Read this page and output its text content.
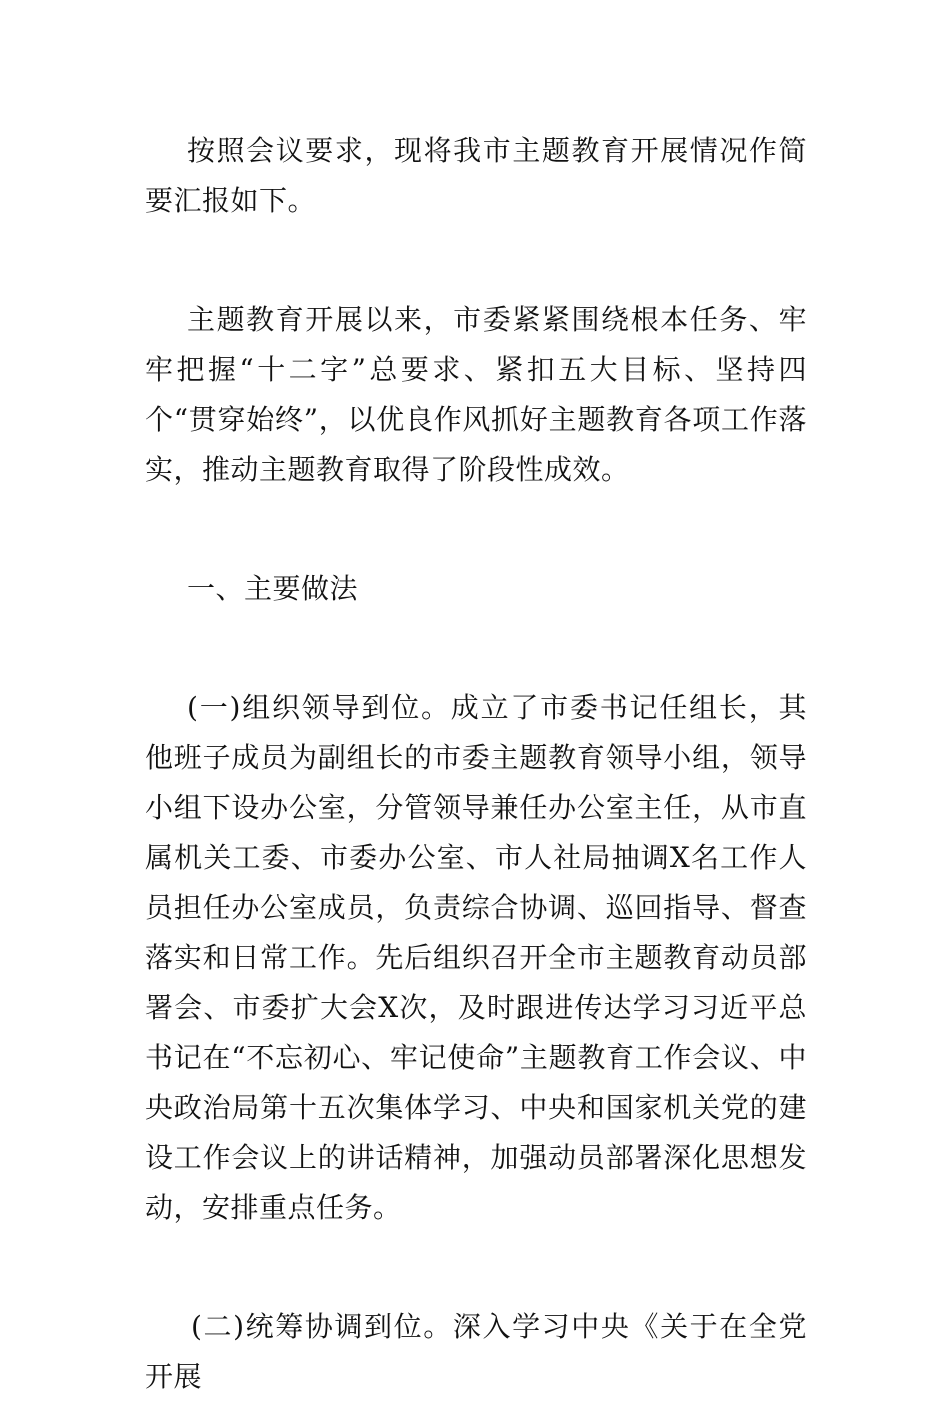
按照会议要求，现将我市主题教育开展情况作简要汇报如下。

主题教育开展以来，市委紧紧围绕根本任务、牢牢把握“十二字”总要求、紧扣五大目标、坚持四个“贯穿始终”，以优良作风抓好主题教育各项工作落实，推动主题教育取得了阶段性成效。

一、主要做法

(一)组织领导到位。成立了市委书记任组长，其他班子成员为副组长的市委主题教育领导小组，领导小组下设办公室，分管领导兼任办公室主任，从市直属机关工委、市委办公室、市人社局抽调X名工作人员担任办公室成员，负责综合协调、巡回指导、督查落实和日常工作。先后组织召开全市主题教育动员部署会、市委扩大会X次，及时跟进传达学习习近平总书记在“不忘初心、牢记使命”主题教育工作会议、中央政治局第十五次集体学习、中央和国家机关党的建设工作会议上的讲话精神，加强动员部署深化思想发动，安排重点任务。

(二)统筹协调到位。深入学习中央《关于在全党开展
